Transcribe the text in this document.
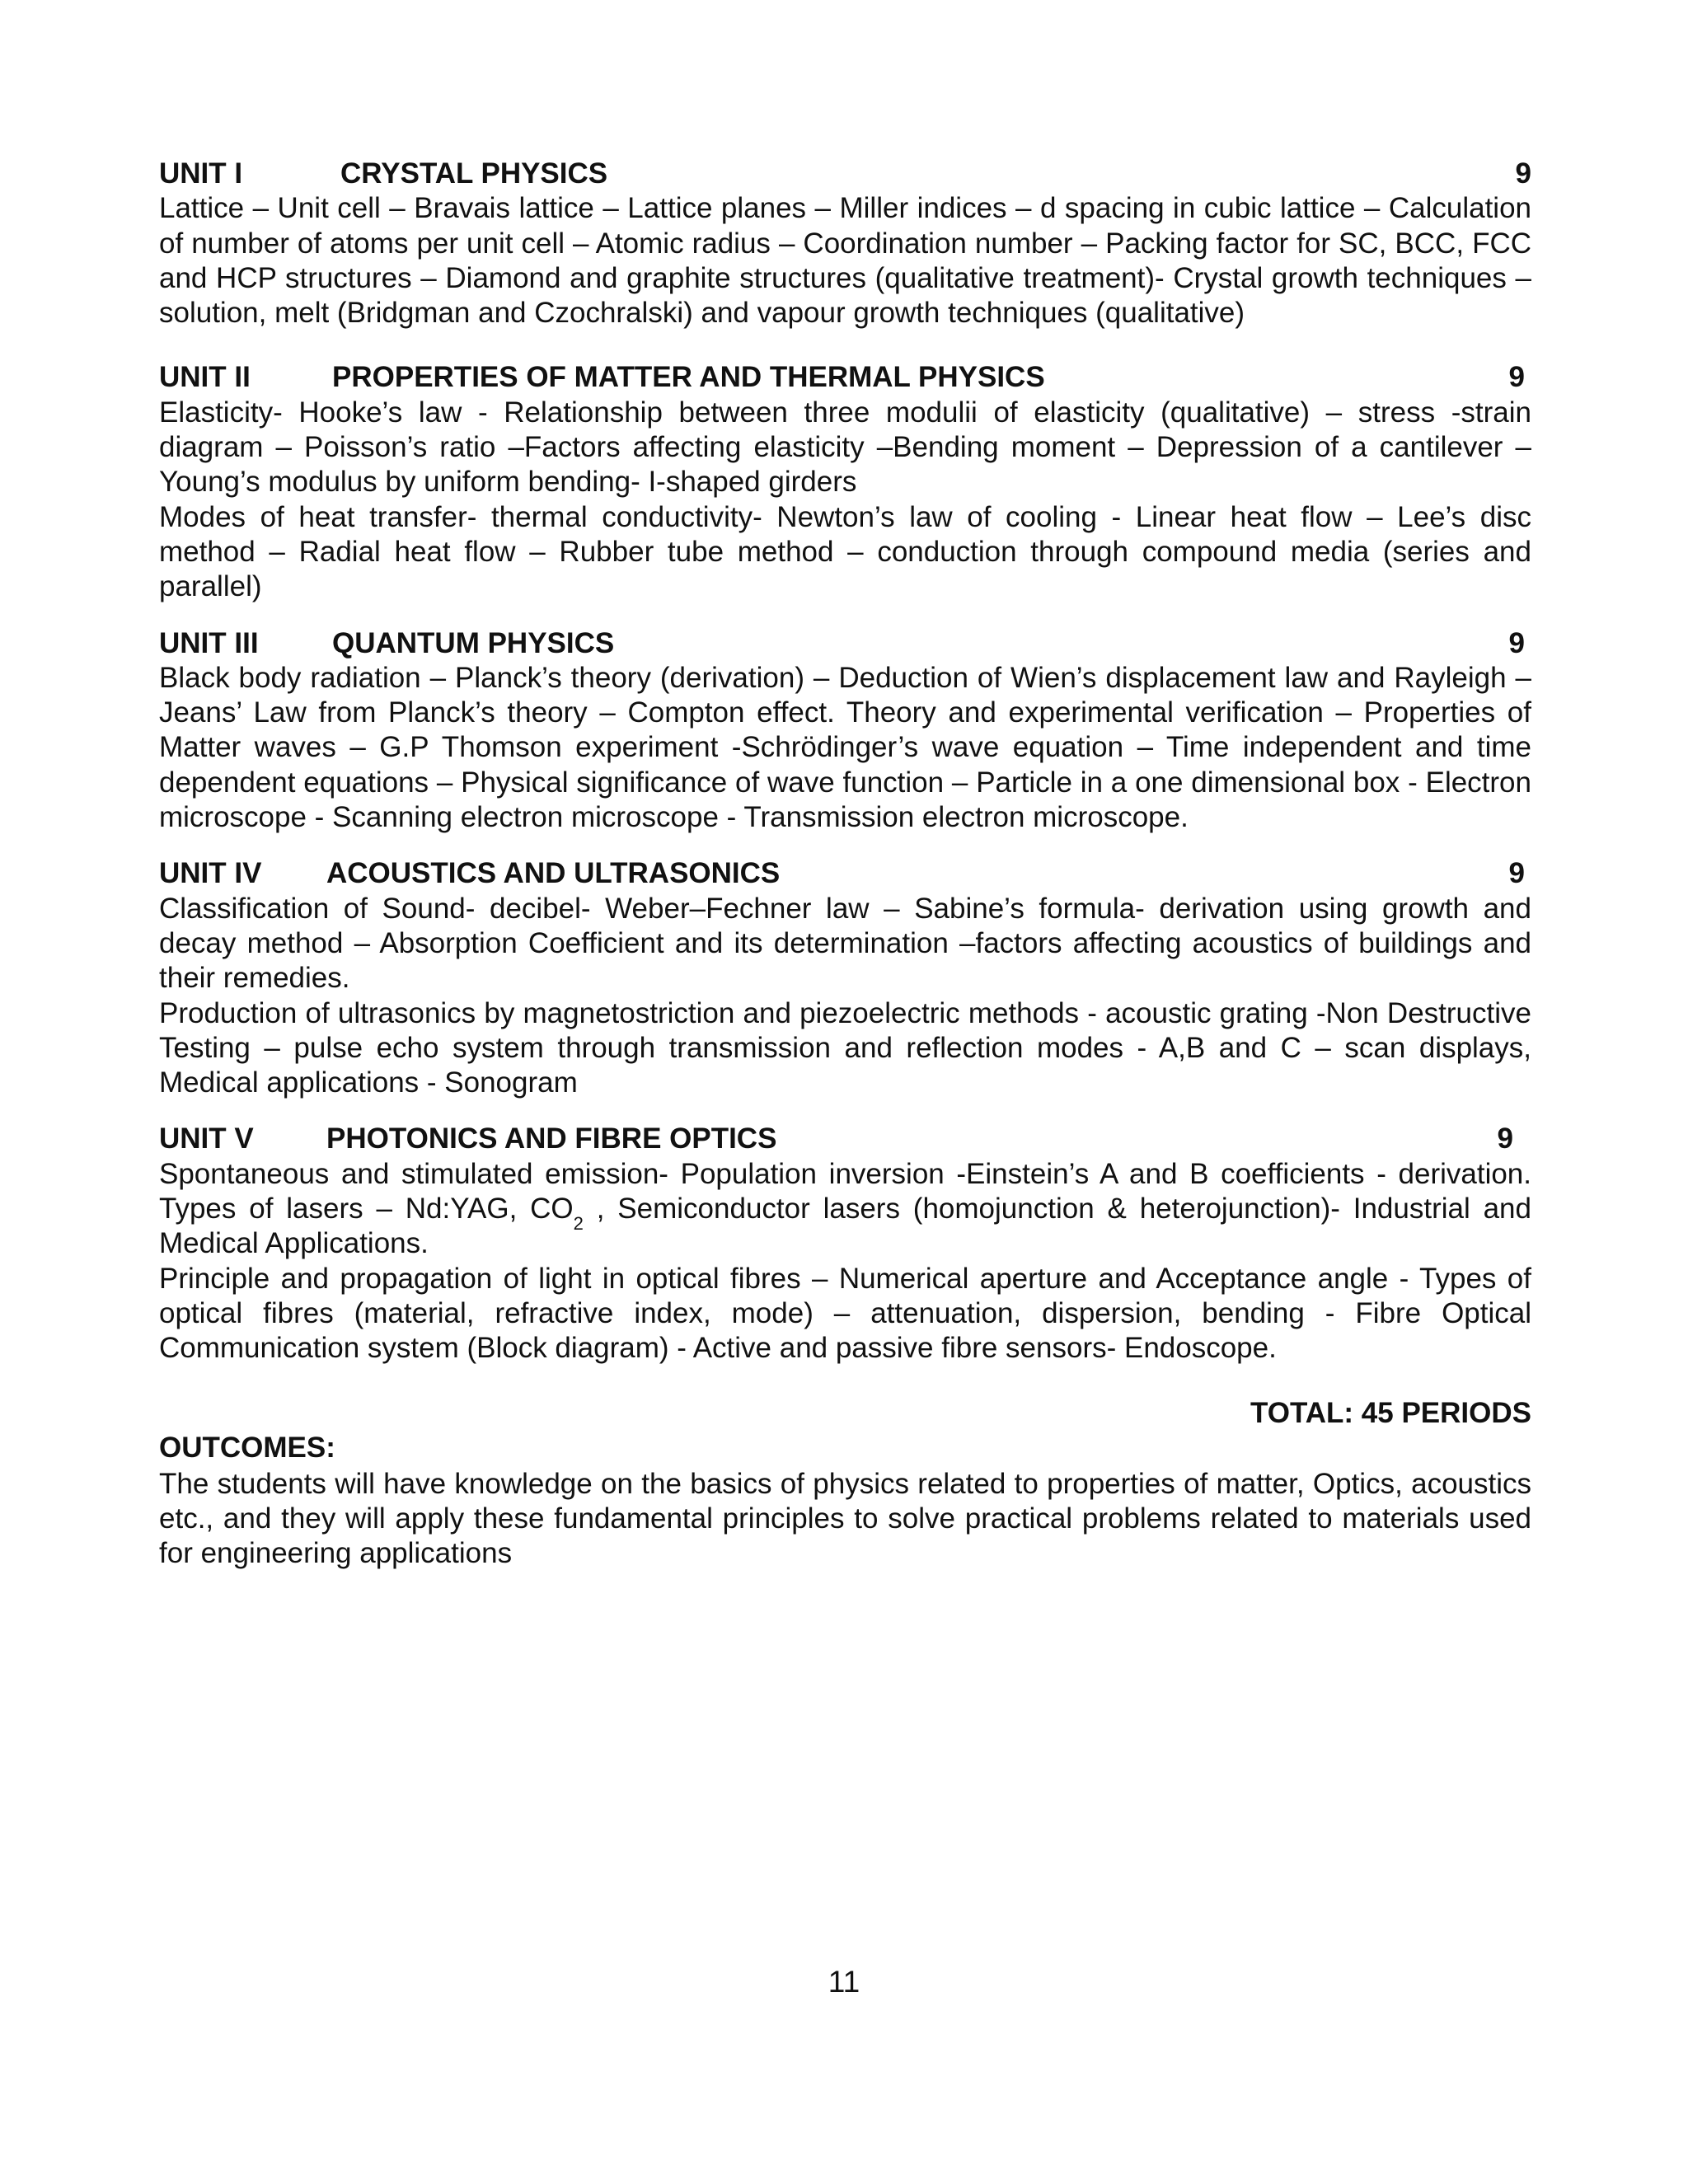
UNIT I	CRYSTAL PHYSICS	9

Lattice – Unit cell – Bravais lattice – Lattice planes – Miller indices – d spacing in cubic lattice – Calculation of number of atoms per unit cell – Atomic radius – Coordination number – Packing factor for SC, BCC, FCC and HCP structures – Diamond and graphite structures (qualitative treatment)- Crystal growth techniques –solution, melt (Bridgman and Czochralski) and vapour growth techniques (qualitative)

UNIT II	PROPERTIES OF MATTER AND THERMAL PHYSICS	9

Elasticity- Hooke’s law - Relationship between three modulii of elasticity (qualitative) – stress -strain diagram – Poisson’s ratio –Factors affecting elasticity –Bending moment – Depression of a cantilever –Young’s modulus by uniform bending- I-shaped girders

Modes of heat transfer- thermal conductivity- Newton’s law of cooling - Linear heat flow – Lee’s disc method – Radial heat flow – Rubber tube method – conduction through compound media (series and parallel)

UNIT III	QUANTUM PHYSICS	9

Black body radiation – Planck’s theory (derivation) – Deduction of Wien’s displacement law and Rayleigh – Jeans’ Law from Planck’s theory – Compton effect. Theory and experimental verification – Properties of Matter waves – G.P Thomson experiment -Schrödinger’s wave equation – Time independent and time dependent equations – Physical significance of wave function – Particle in a one dimensional box - Electron microscope - Scanning electron microscope - Transmission electron microscope.

UNIT IV	ACOUSTICS AND ULTRASONICS	9

Classification of Sound- decibel- Weber–Fechner law – Sabine’s formula- derivation using growth and decay method – Absorption Coefficient and its determination –factors affecting acoustics of buildings and their remedies.

Production of ultrasonics by magnetostriction and piezoelectric methods - acoustic grating -Non Destructive Testing – pulse echo system through transmission and reflection modes - A,B and C – scan displays, Medical applications - Sonogram

UNIT V	PHOTONICS AND FIBRE OPTICS	9

Spontaneous and stimulated emission- Population inversion -Einstein’s A and B coefficients - derivation. Types of lasers – Nd:YAG, $CO_2$ , Semiconductor lasers (homojunction & heterojunction)- Industrial and Medical Applications.

Principle and propagation of light in optical fibres – Numerical aperture and Acceptance angle - Types of optical fibres (material, refractive index, mode) – attenuation, dispersion, bending - Fibre Optical Communication system (Block diagram) - Active and passive fibre sensors- Endoscope.

TOTAL: 45 PERIODS
OUTCOMES:

The students will have knowledge on the basics of physics related to properties of matter, Optics, acoustics etc., and they will apply these fundamental principles to solve practical problems related to materials used for engineering applications

11
